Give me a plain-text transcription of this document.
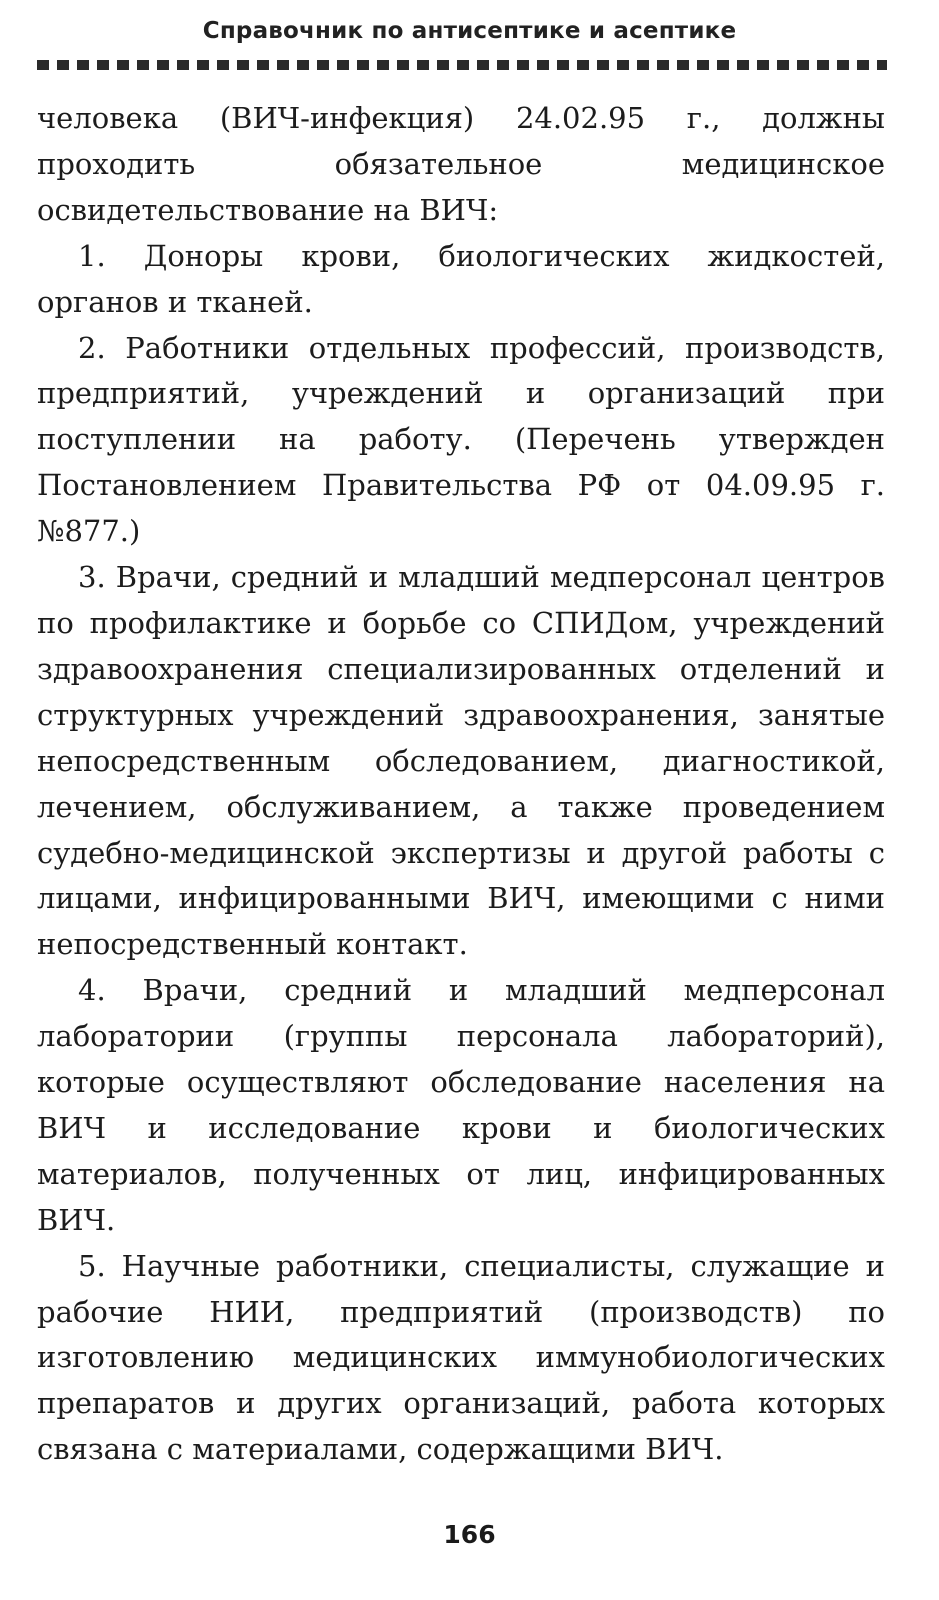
Справочник по антисептике и асептике

человека (ВИЧ-инфекция) 24.02.95 г., должны проходить обязательное медицинское освидетельствование на ВИЧ:

1. Доноры крови, биологических жидкостей, органов и тканей.

2. Работники отдельных профессий, производств, предприятий, учреждений и организаций при поступлении на работу. (Перечень утвержден Постановлением Правительства РФ от 04.09.95 г. №877.)

3. Врачи, средний и младший медперсонал центров по профилактике и борьбе со СПИДом, учреждений здравоохранения специализированных отделений и структурных учреждений здравоохранения, занятые непосредственным обследованием, диагностикой, лечением, обслуживанием, а также проведением судебно-медицинской экспертизы и другой работы с лицами, инфицированными ВИЧ, имеющими с ними непосредственный контакт.

4. Врачи, средний и младший медперсонал лаборатории (группы персонала лабораторий), которые осуществляют обследование населения на ВИЧ и исследование крови и биологических материалов, полученных от лиц, инфицированных ВИЧ.

5. Научные работники, специалисты, служащие и рабочие НИИ, предприятий (производств) по изготовлению медицинских иммунобиологических препаратов и других организаций, работа которых связана с материалами, содержащими ВИЧ.

166
